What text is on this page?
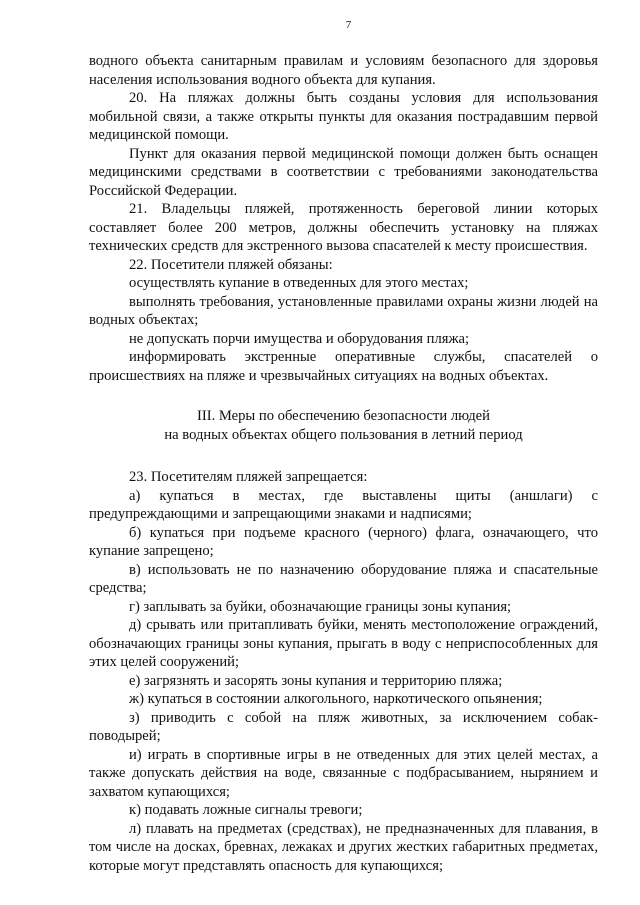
7

водного объекта санитарным правилам и условиям безопасного для здоровья населения использования водного объекта для купания.

20. На пляжах должны быть созданы условия для использования мобильной связи, а также открыты пункты для оказания пострадавшим первой медицинской помощи.

Пункт для оказания первой медицинской помощи должен быть оснащен медицинскими средствами в соответствии с требованиями законодательства Российской Федерации.

21. Владельцы пляжей, протяженность береговой линии которых составляет более 200 метров, должны обеспечить установку на пляжах технических средств для экстренного вызова спасателей к месту происшествия.

22. Посетители пляжей обязаны:

осуществлять купание в отведенных для этого местах;

выполнять требования, установленные правилами охраны жизни людей на водных объектах;

не допускать порчи имущества и оборудования пляжа;

информировать экстренные оперативные службы, спасателей о происшествиях на пляже и чрезвычайных ситуациях на водных объектах.

III. Меры по обеспечению безопасности людей
на водных объектах общего пользования в летний период

23. Посетителям пляжей запрещается:

а) купаться в местах, где выставлены щиты (аншлаги) с предупреждающими и запрещающими знаками и надписями;

б) купаться при подъеме красного (черного) флага, означающего, что купание запрещено;

в) использовать не по назначению оборудование пляжа и спасательные средства;

г) заплывать за буйки, обозначающие границы зоны купания;

д) срывать или притапливать буйки, менять местоположение ограждений, обозначающих границы зоны купания, прыгать в воду с неприспособленных для этих целей сооружений;

е) загрязнять и засорять зоны купания и территорию пляжа;

ж) купаться в состоянии алкогольного, наркотического опьянения;

з) приводить с собой на пляж животных, за исключением собак-поводырей;

и) играть в спортивные игры в не отведенных для этих целей местах, а также допускать действия на воде, связанные с подбрасыванием, нырянием и захватом купающихся;

к) подавать ложные сигналы тревоги;

л) плавать на предметах (средствах), не предназначенных для плавания, в том числе на досках, бревнах, лежаках и других жестких габаритных предметах, которые могут представлять опасность для купающихся;
